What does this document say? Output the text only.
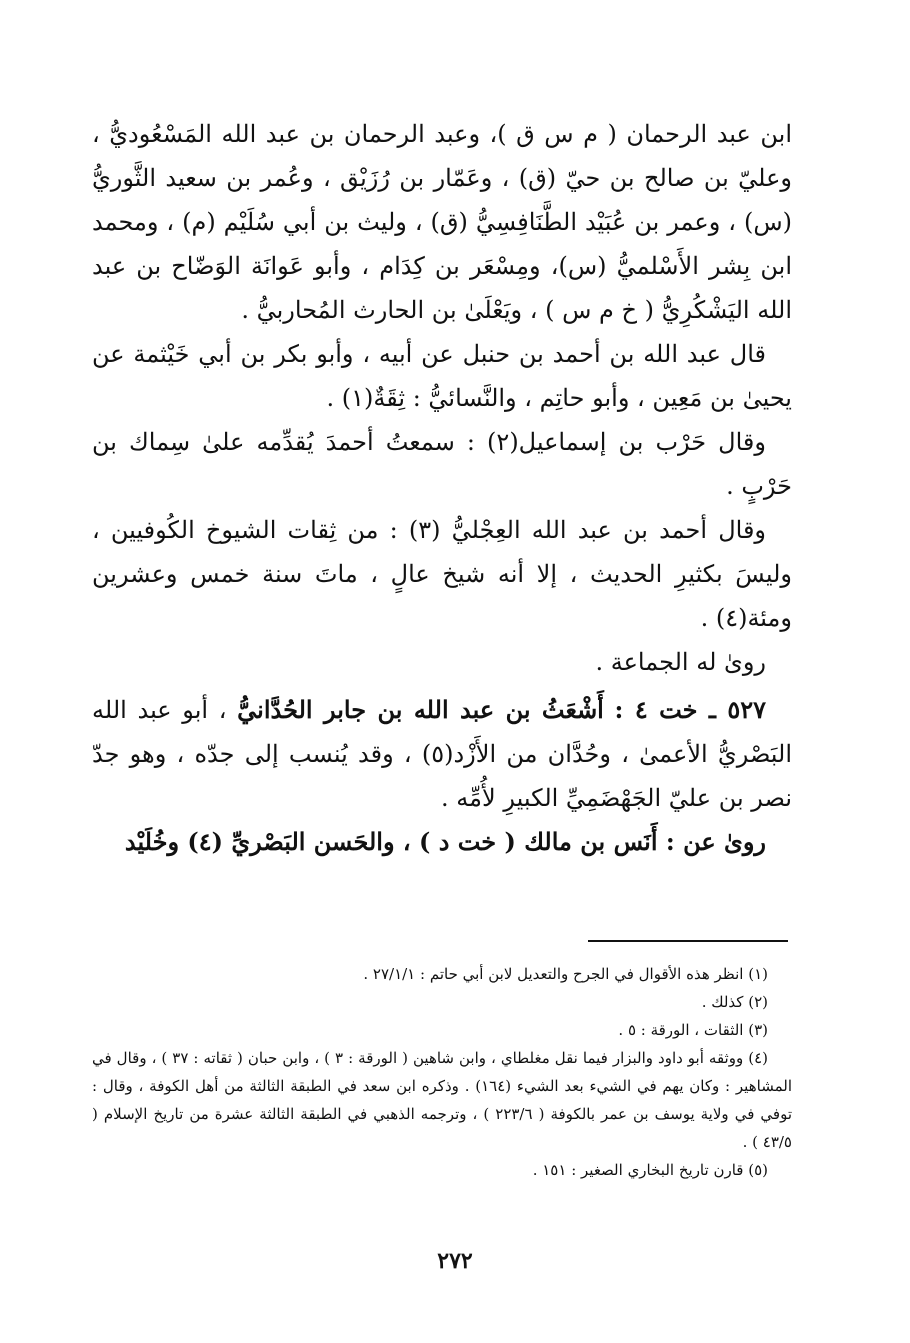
ابن عبد الرحمان ( م س ق )، وعبد الرحمان بن عبد الله المَسْعُوديُّ ، وعليّ بن صالح بن حيّ (ق) ، وعَمّار بن رُزَيْق ، وعُمر بن سعيد الثَّوريُّ (س) ، وعمر بن عُبَيْد الطَّنَافِسِيُّ (ق) ، وليث بن أبي سُلَيْم (م) ، ومحمد ابن بِشر الأَسْلميُّ (س)، ومِسْعَر بن كِدَام ، وأبو عَوانَة الوَضّاح بن عبد الله اليَشْكُرِيُّ ( خ م س ) ، ويَعْلَىٰ بن الحارث المُحاربيُّ .

قال عبد الله بن أحمد بن حنبل عن أبيه ، وأبو بكر بن أبي خَيْثمة عن يحيىٰ بن مَعِين ، وأبو حاتِم ، والنَّسائيُّ : ثِقَةٌ(١) .

وقال حَرْب بن إسماعيل(٢) : سمعتُ أحمدَ يُقدِّمه علىٰ سِماك بن حَرْبٍ .

وقال أحمد بن عبد الله العِجْليُّ (٣) : من ثِقات الشيوخ الكُوفيين ، وليسَ بكثيرِ الحديث ، إلا أنه شيخ عالٍ ، ماتَ سنة خمس وعشرين ومئة(٤) .

روىٰ له الجماعة .

٥٢٧ ـ خت ٤ : أَشْعَثُ بن عبد الله بن جابر الحُدَّانيُّ ، أبو عبد الله البَصْريُّ الأعمىٰ ، وحُدَّان من الأَزْد(٥) ، وقد يُنسب إلى جدّه ، وهو جدّ نصر بن عليّ الجَهْضَمِيِّ الكبيرِ لأُمِّه .

روىٰ عن : أَنَس بن مالك ( خت د ) ، والحَسن البَصْريِّ (٤) وخُلَيْد

(١) انظر هذه الأقوال في الجرح والتعديل لابن أبي حاتم : ٢٧/١/١ .

(٢) كذلك .

(٣) الثقات ، الورقة : ٥ .

(٤) ووثقه أبو داود والبزار فيما نقل مغلطاي ، وابن شاهين ( الورقة : ٣ ) ، وابن حبان ( ثقاته : ٣٧ ) ، وقال في المشاهير : وكان يهم في الشيء بعد الشيء (١٦٤) . وذكره ابن سعد في الطبقة الثالثة من أهل الكوفة ، وقال : توفي في ولاية يوسف بن عمر بالكوفة ( ٢٢٣/٦ ) ، وترجمه الذهبي في الطبقة الثالثة عشرة من تاريخ الإسلام ( ٤٣/٥ ) .

(٥) قارن تاريخ البخاري الصغير : ١٥١ .

٢٧٢
